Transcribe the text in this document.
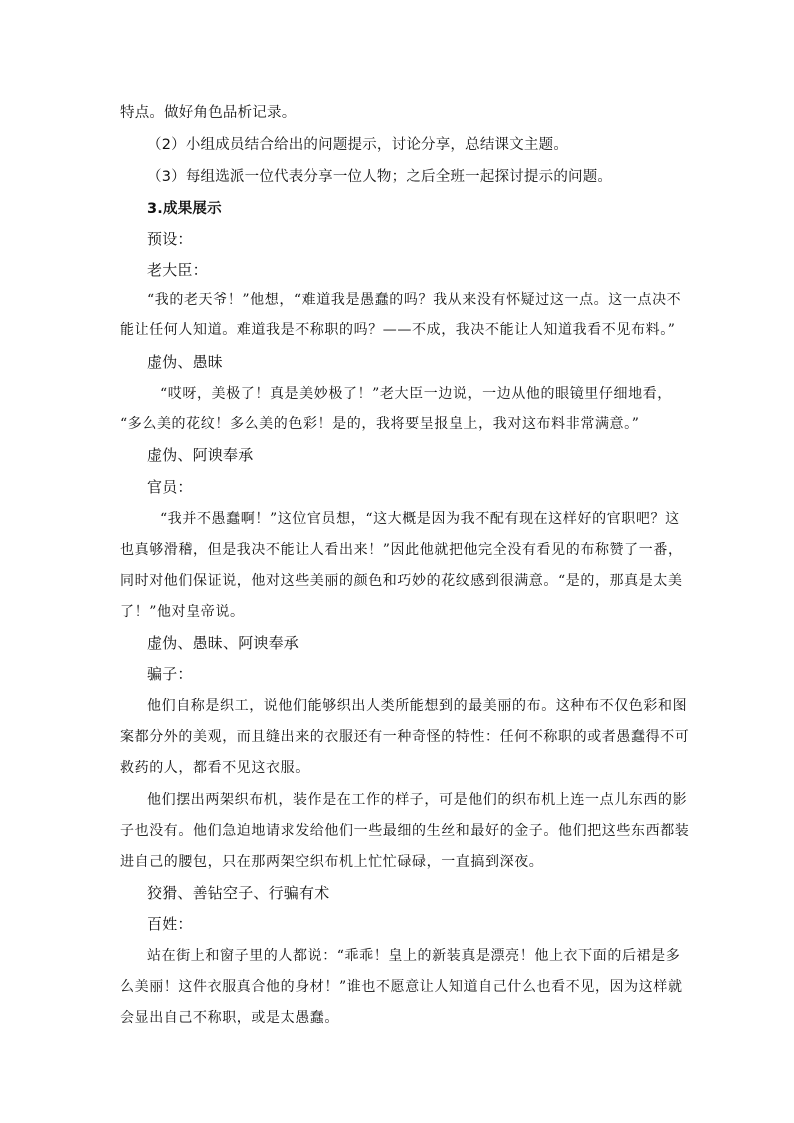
特点。做好角色品析记录。
（2）小组成员结合给出的问题提示，讨论分享，总结课文主题。
（3）每组选派一位代表分享一位人物；之后全班一起探讨提示的问题。
3.成果展示
预设：
老大臣：
“我的老天爷！”他想，“难道我是愚蠢的吗？我从来没有怀疑过这一点。这一点决不
能让任何人知道。难道我是不称职的吗？——不成，我决不能让人知道我看不见布料。”
虚伪、愚昧
“哎呀，美极了！真是美妙极了！”老大臣一边说，一边从他的眼镜里仔细地看，
“多么美的花纹！多么美的色彩！是的，我将要呈报皇上，我对这布料非常满意。”
虚伪、阿谀奉承
官员：
“我并不愚蠢啊！”这位官员想，“这大概是因为我不配有现在这样好的官职吧？这
也真够滑稽，但是我决不能让人看出来！”因此他就把他完全没有看见的布称赞了一番，
同时对他们保证说，他对这些美丽的颜色和巧妙的花纹感到很满意。“是的，那真是太美
了！”他对皇帝说。
虚伪、愚昧、阿谀奉承
骗子：
他们自称是织工，说他们能够织出人类所能想到的最美丽的布。这种布不仅色彩和图
案都分外的美观，而且缝出来的衣服还有一种奇怪的特性：任何不称职的或者愚蠢得不可
救药的人，都看不见这衣服。
他们摆出两架织布机，装作是在工作的样子，可是他们的织布机上连一点儿东西的影
子也没有。他们急迫地请求发给他们一些最细的生丝和最好的金子。他们把这些东西都装
进自己的腰包，只在那两架空织布机上忙忙碌碌，一直搞到深夜。
狡猾、善钻空子、行骗有术
百姓：
站在街上和窗子里的人都说：“乖乖！皇上的新装真是漂亮！他上衣下面的后裙是多
么美丽！这件衣服真合他的身材！”谁也不愿意让人知道自己什么也看不见，因为这样就
会显出自己不称职，或是太愚蠢。
